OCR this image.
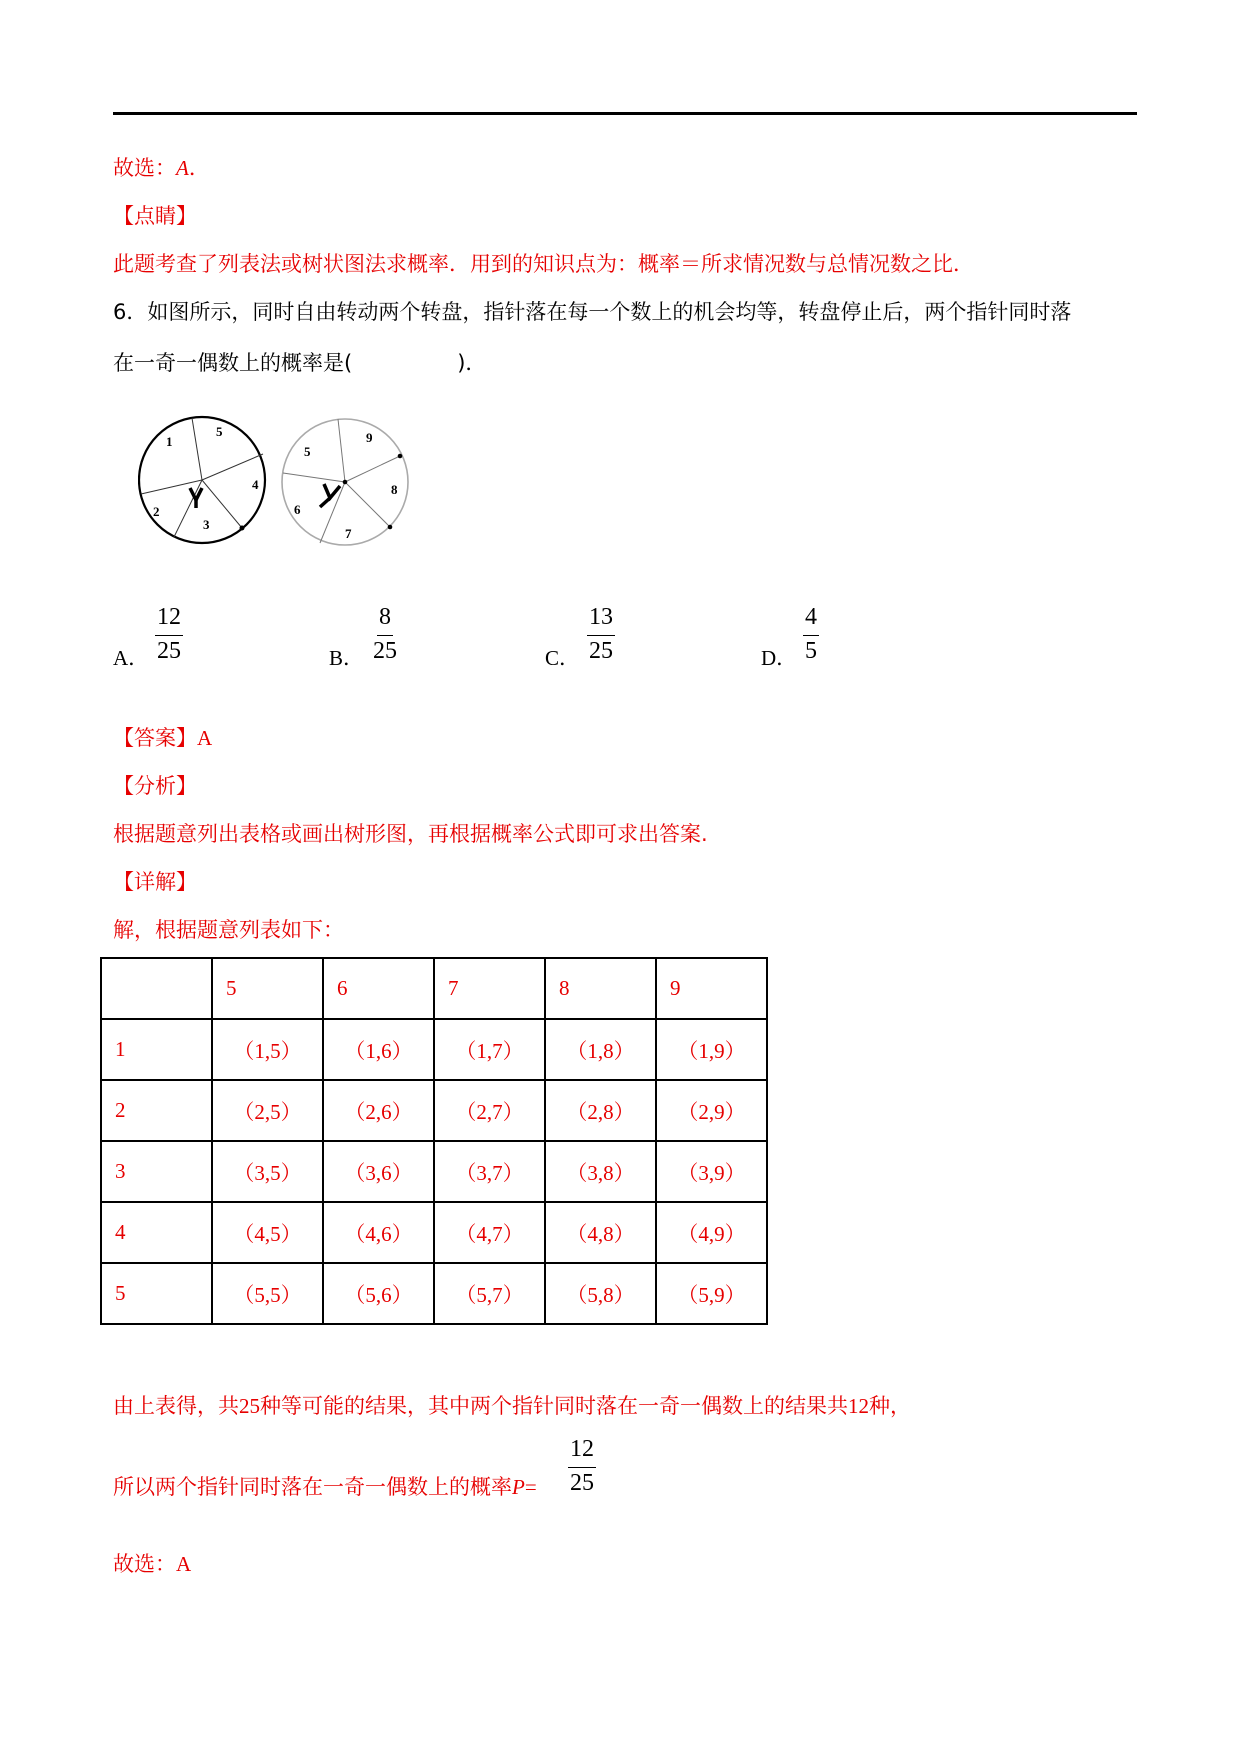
故选：A．
【点睛】
此题考查了列表法或树状图法求概率．用到的知识点为：概率＝所求情况数与总情况数之比．
6．如图所示，同时自由转动两个转盘，指针落在每一个数上的机会均等，转盘停止后，两个指针同时落
在一奇一偶数上的概率是(　　　　　)．
1
5
4
3
2
5
9
8
7
6
A． $\frac{12}{25}$	B． $\frac{8}{25}$	C． $\frac{13}{25}$	D． $\frac{4}{5}$
【答案】A
【分析】
根据题意列出表格或画出树形图，再根据概率公式即可求出答案.
【详解】
解，根据题意列表如下：
	5	6	7	8	9
1	（1,5）	（1,6）	（1,7）	（1,8）	（1,9）
2	（2,5）	（2,6）	（2,7）	（2,8）	（2,9）
3	（3,5）	（3,6）	（3,7）	（3,8）	（3,9）
4	（4,5）	（4,6）	（4,7）	（4,8）	（4,9）
5	（5,5）	（5,6）	（5,7）	（5,8）	（5,9）
由上表得，共25种等可能的结果，其中两个指针同时落在一奇一偶数上的结果共12种，
所以两个指针同时落在一奇一偶数上的概率$P= \frac{12}{25}$
故选：A
